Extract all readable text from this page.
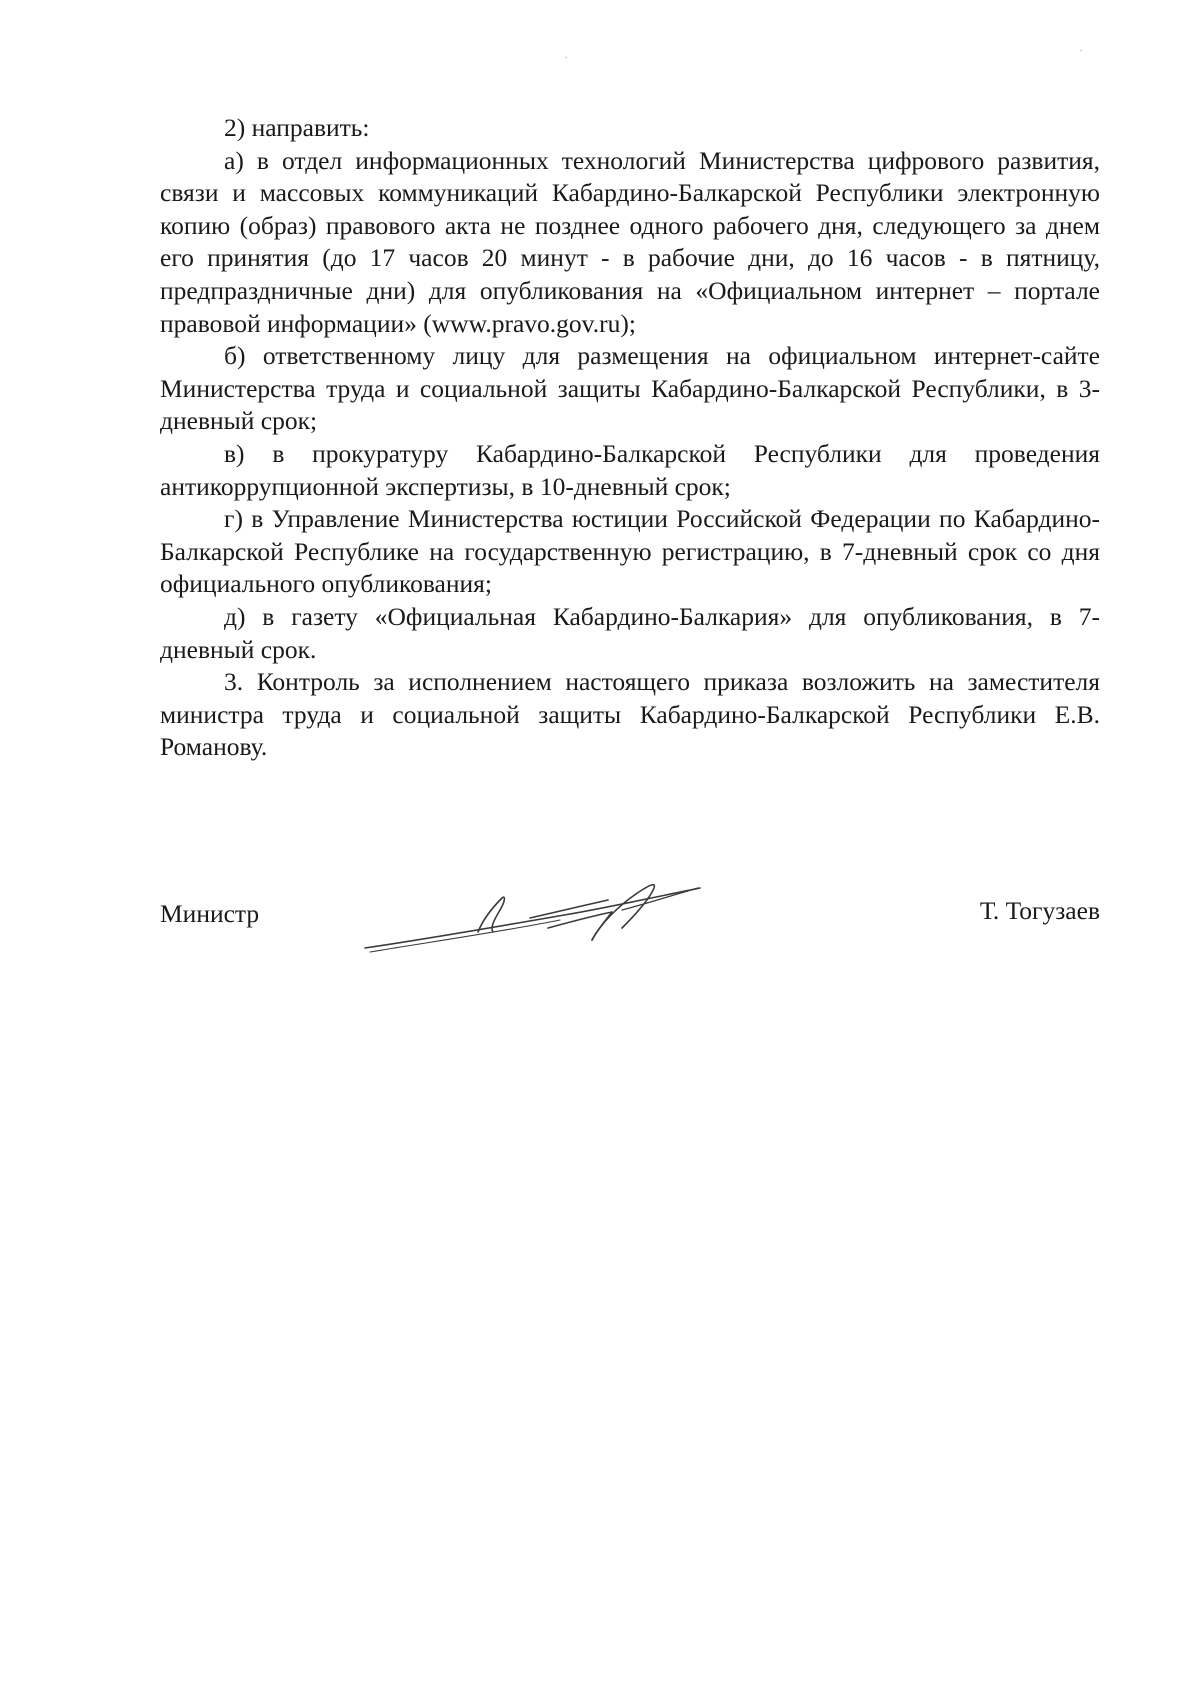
2) направить:

а) в отдел информационных технологий Министерства цифрового развития, связи и массовых коммуникаций Кабардино-Балкарской Республики электронную копию (образ) правового акта не позднее одного рабочего дня, следующего за днем его принятия (до 17 часов 20 минут - в рабочие дни, до 16 часов - в пятницу, предпраздничные дни) для опубликования на «Официальном интернет – портале правовой информации» (www.pravo.gov.ru);

б) ответственному лицу для размещения на официальном интернет-сайте Министерства труда и социальной защиты Кабардино-Балкарской Республики, в 3-дневный срок;

в) в прокуратуру Кабардино-Балкарской Республики для проведения антикоррупционной экспертизы, в 10-дневный срок;

г) в Управление Министерства юстиции Российской Федерации по Кабардино-Балкарской Республике на государственную регистрацию, в 7-дневный срок со дня официального опубликования;

д) в газету «Официальная Кабардино-Балкария» для опубликования, в 7-дневный срок.

3. Контроль за исполнением настоящего приказа возложить на заместителя министра труда и социальной защиты Кабардино-Балкарской Республики Е.В. Романову.

Министр	Т. Тогузаев
